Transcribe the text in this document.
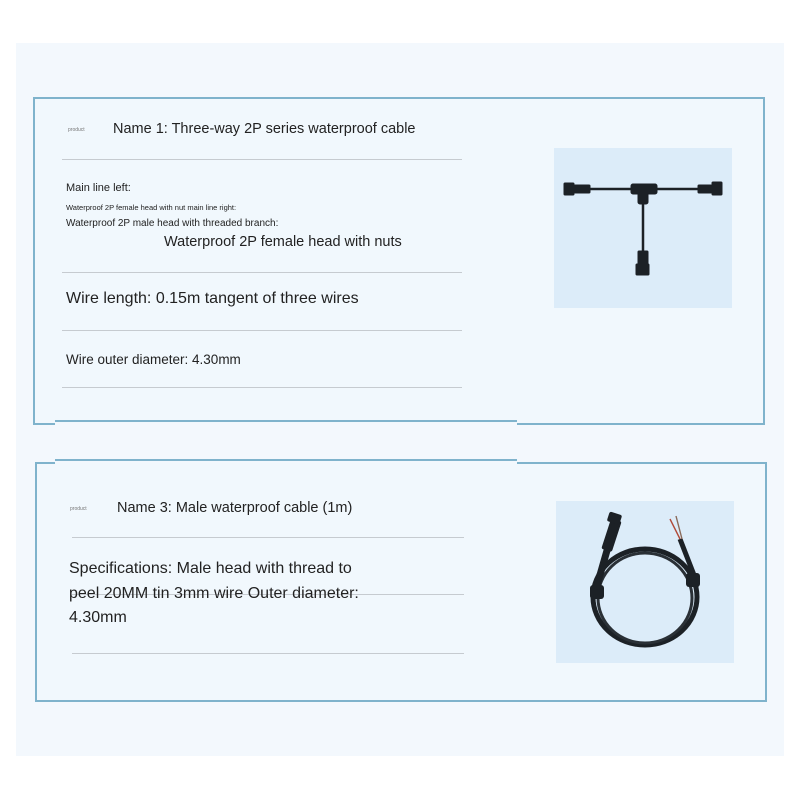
product Name 1: Three-way 2P series waterproof cable
Main line left:
Waterproof 2P female head with nut main line right:
Waterproof 2P male head with threaded branch:
Waterproof 2P female head with nuts
Wire length: 0.15m tangent of three wires
Wire outer diameter: 4.30mm
product Name 3: Male waterproof cable (1m)
Specifications: Male head with thread to
peel 20MM tin 3mm wire Outer diameter:
4.30mm
